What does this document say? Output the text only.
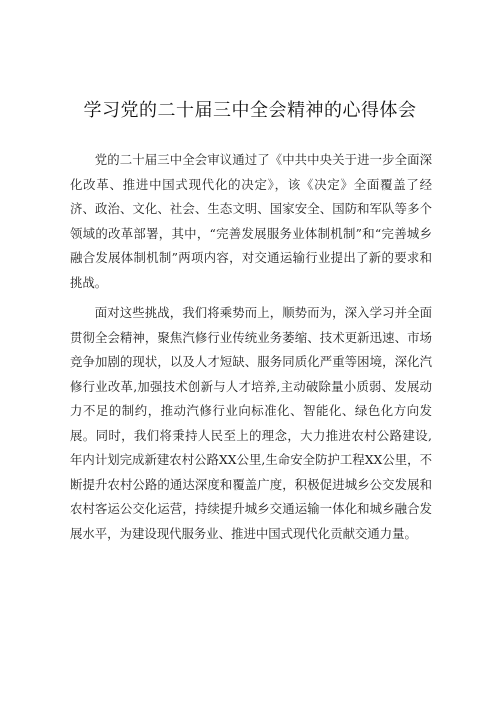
学习党的二十届三中全会精神的心得体会

党的二十届三中全会审议通过了《中共中央关于进一步全面深化改革、推进中国式现代化的决定》，该《决定》全面覆盖了经济、政治、文化、社会、生态文明、国家安全、国防和军队等多个领域的改革部署，其中，“完善发展服务业体制机制”和“完善城乡融合发展体制机制”两项内容，对交通运输行业提出了新的要求和挑战。

面对这些挑战，我们将乘势而上，顺势而为，深入学习并全面贯彻全会精神，聚焦汽修行业传统业务萎缩、技术更新迅速、市场竞争加剧的现状，以及人才短缺、服务同质化严重等困境，深化汽修行业改革,加强技术创新与人才培养,主动破除量小质弱、发展动力不足的制约，推动汽修行业向标准化、智能化、绿色化方向发展。同时，我们将秉持人民至上的理念，大力推进农村公路建设,年内计划完成新建农村公路XX公里,生命安全防护工程XX公里，不断提升农村公路的通达深度和覆盖广度，积极促进城乡公交发展和农村客运公交化运营，持续提升城乡交通运输一体化和城乡融合发展水平，为建设现代服务业、推进中国式现代化贡献交通力量。
